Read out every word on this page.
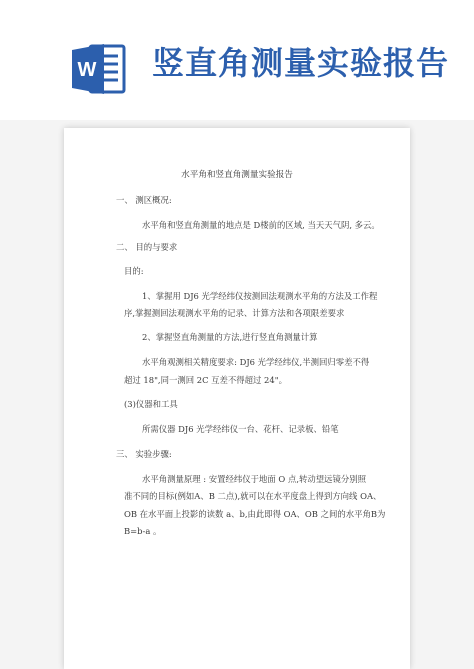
W 竖直角测量实验报告
水平角和竖直角测量实验报告
一、 测区概况:
水平角和竖直角测量的地点是 D楼前的区域, 当天天气阴, 多云。
二、 目的与要求
目的:
1、掌握用 DJ6 光学经纬仪按测回法观测水平角的方法及工作程
序,掌握测回法观测水平角的记录、计算方法和各项限差要求
2、掌握竖直角测量的方法,进行竖直角测量计算
水平角观测相关精度要求: DJ6 光学经纬仪,半测回归零差不得
超过 18",同一测回 2C 互差不得超过 24"。
(3)仪器和工具
所需仪器 DJ6 光学经纬仪一台、花杆、记录板、铅笔
三、 实验步骤:
水平角测量原理 : 安置经纬仪于地面 O 点,转动望远镜分别照
准不同的目标(例如A、B 二点),就可以在水平度盘上得到方向线 OA、
OB 在水平面上投影的读数 a、b,由此即得 OA、OB 之间的水平角B为
B=b-a 。
